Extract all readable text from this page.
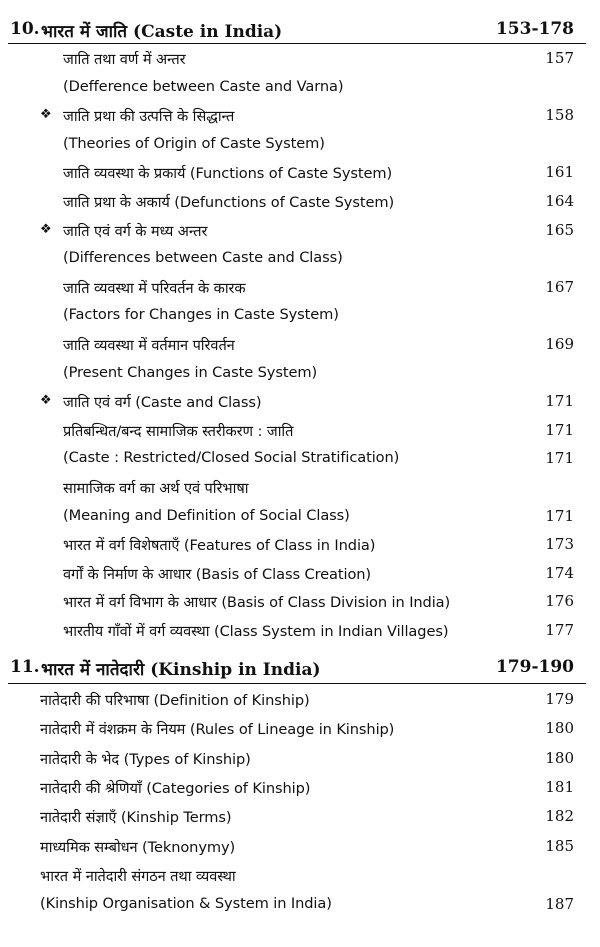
10. भारत में जाति (Caste in India)	153-178
जाति तथा वर्ण में अन्तर	157
(Defference between Caste and Varna)
❖ जाति प्रथा की उत्पत्ति के सिद्धान्त	158
(Theories of Origin of Caste System)
जाति व्यवस्था के प्रकार्य (Functions of Caste System)	161
जाति प्रथा के अकार्य (Defunctions of Caste System)	164
❖ जाति एवं वर्ग के मध्य अन्तर	165
(Differences between Caste and Class)
जाति व्यवस्था में परिवर्तन के कारक	167
(Factors for Changes in Caste System)
जाति व्यवस्था में वर्तमान परिवर्तन	169
(Present Changes in Caste System)
❖ जाति एवं वर्ग (Caste and Class)	171
प्रतिबन्धित/बन्द सामाजिक स्तरीकरण : जाति	171
(Caste : Restricted/Closed Social Stratification)	171
सामाजिक वर्ग का अर्थ एवं परिभाषा
(Meaning and Definition of Social Class)	171
भारत में वर्ग विशेषताएँ (Features of Class in India)	173
वर्गों के निर्माण के आधार (Basis of Class Creation)	174
भारत में वर्ग विभाग के आधार (Basis of Class Division in India)	176
भारतीय गाँवों में वर्ग व्यवस्था (Class System in Indian Villages)	177
11. भारत में नातेदारी (Kinship in India)	179-190
नातेदारी की परिभाषा (Definition of Kinship)	179
नातेदारी में वंशक्रम के नियम (Rules of Lineage in Kinship)	180
नातेदारी के भेद (Types of Kinship)	180
नातेदारी की श्रेणियाँ (Categories of Kinship)	181
नातेदारी संज्ञाएँ (Kinship Terms)	182
माध्यमिक सम्बोधन (Teknonymy)	185
भारत में नातेदारी संगठन तथा व्यवस्था
(Kinship Organisation & System in India)	187
